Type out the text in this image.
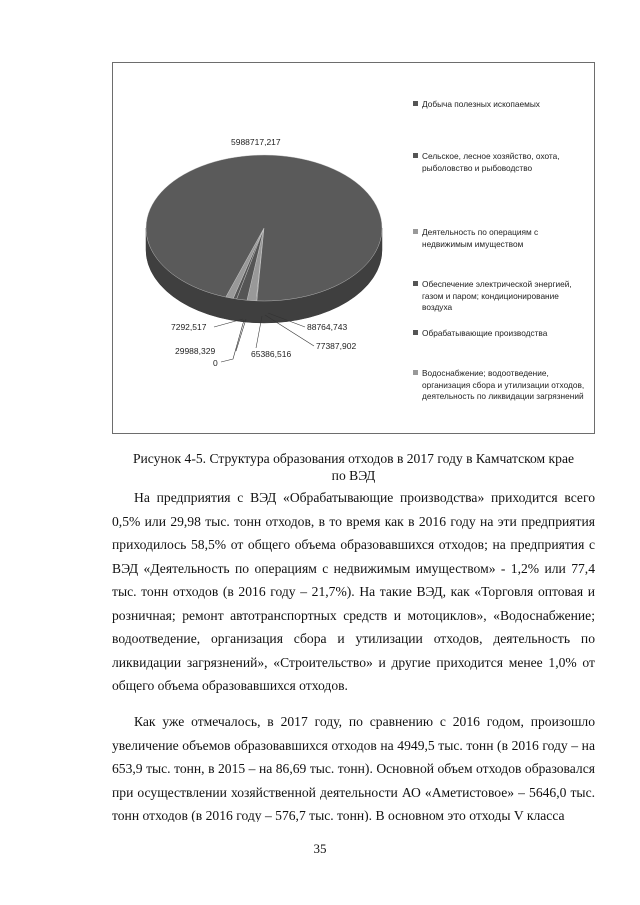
5988717,217
7292,517	88764,743
77387,902
29988,329	65386,516
0
Добыча полезных ископаемых
Сельское, лесное хозяйство, охота, рыболовство и рыбоводство
Деятельность по операциям с недвижимым имуществом
Обеспечение электрической энергией, газом и паром; кондиционирование воздуха
Обрабатывающие производства
Водоснабжение; водоотведение, организация сбора и утилизации отходов, деятельность по ликвидации загрязнений
Рисунок 4-5. Структура образования отходов в 2017 году в Камчатском крае
по ВЭД

На предприятия с ВЭД «Обрабатывающие производства» приходится всего 0,5% или 29,98 тыс. тонн отходов, в то время как в 2016 году на эти предприятия приходилось 58,5% от общего объема образовавшихся отходов; на предприятия с ВЭД «Деятельность по операциям с недвижимым имуществом» - 1,2% или 77,4 тыс. тонн отходов (в 2016 году – 21,7%). На такие ВЭД, как «Торговля оптовая и розничная; ремонт автотранспортных средств и мотоциклов», «Водоснабжение; водоотведение, организация сбора и утилизации отходов, деятельность по ликвидации загрязнений», «Строительство» и другие приходится менее 1,0% от общего объема образовавшихся отходов.

Как уже отмечалось, в 2017 году, по сравнению с 2016 годом, произошло увеличение объемов образовавшихся отходов на 4949,5 тыс. тонн (в 2016 году – на 653,9 тыс. тонн, в 2015 – на 86,69 тыс. тонн). Основной объем отходов образовался при осуществлении хозяйственной деятельности АО «Аметистовое» – 5646,0 тыс. тонн отходов (в 2016 году – 576,7 тыс. тонн). В основном это отходы V класса

35
